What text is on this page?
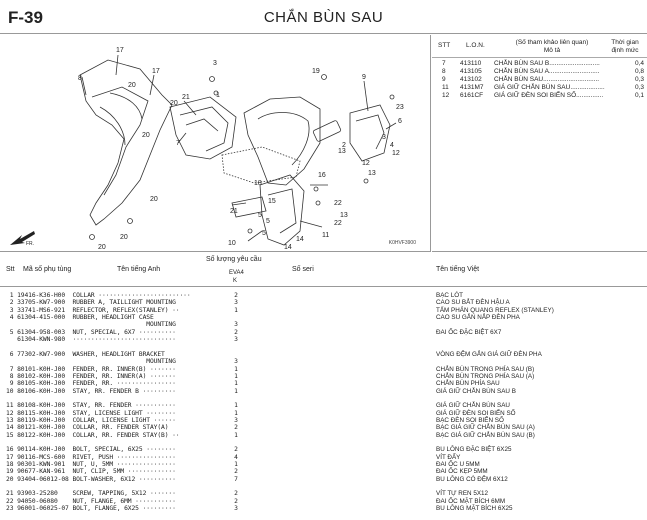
F-39	CHẮN BÙN SAU
FR.
17
8
17
20
20
21
20
3
9
6
7
1
5
13
18
12
16
22
21
22
5
15
10
14
11
19
2	4
23
3
20
20
12
13
20
13
5
14
K0HVF3900
STT L.O.N.	(Số tham khảo liên quan)
Mô tả
Thời gian
định mức
7 413110 CHẮN BÙN SAU B............................	0,4
8 413105 CHẮN BÙN SAU A............................	0,8
9 413102 CHẮN BÙN SAU...............................	0,3
11 4131M7 GIÁ GIỮ CHẮN BÙN SAU...................	0,3
12 6161CF GIÁ GIỮ ĐÈN SOI BIỂN SỐ...............	0,1
Stt Mã số phụ tùng	Tên tiếng Anh
Số lượng yêu cầu
EVA4
K
Số seri	Tên tiếng Việt
1 19416-K36-H00  COLLAR ·························	2	BẠC LÓT
2 33705-KW7-900  RUBBER A, TAILLIGHT MOUNTING	3	CAO SU BẮT ĐÈN HẬU A
3 33741-MS6-921  REFLECTOR, REFLEX(STANLEY) ··	1	TẤM PHẢN QUANG REFLEX (STANLEY)
4 61304-415-000  RUBBER, HEADLIGHT CASE	CAO SU GẮN NẮP ĐÈN PHA
MOUNTING	3
5 61304-958-003  NUT, SPECIAL, 6X7 ··········	2	ĐAI ỐC ĐẶC BIỆT 6X7
61304-KWN-980  ····························	3
6 77302-KW7-900  WASHER, HEADLIGHT BRACKET	VÒNG ĐỆM GẮN GIÁ GIỮ ĐÈN PHA
MOUNTING	3
7 80101-K0H-J00  FENDER, RR. INNER(B) ·······	1	CHẮN BÙN TRONG PHÍA SAU (B)
8 80102-K0H-J00  FENDER, RR. INNER(A) ·······	1	CHẮN BÙN TRONG PHÍA SAU (A)
9 80105-K0H-J00  FENDER, RR. ················	1	CHẮN BÙN PHÍA SAU
10 80106-K0H-J00  STAY, RR. FENDER B ·········	1	GIÁ GIỮ CHẮN BÙN SAU B
11 80108-K0H-J00  STAY, RR. FENDER ···········	1	GIÁ GIỮ CHẮN BÙN SAU
12 80115-K0H-J00  STAY, LICENSE LIGHT ········	1	GIÁ GIỮ ĐÈN SOI BIỂN SỐ
13 80119-K0H-J00  COLLAR, LICENSE LIGHT ······	3	BẠC ĐÈN SOI BIỂN SỐ
14 80121-K0H-J00  COLLAR, RR. FENDER STAY(A)	2	BẠC GIÁ GIỮ CHẮN BÙN SAU (A)
15 80122-K0H-J00  COLLAR, RR. FENDER STAY(B) ··	1	BẠC GIÁ GIỮ CHẮN BÙN SAU (B)
16 90114-K0H-J00  BOLT, SPECIAL, 6X25 ········	2	BU LÔNG ĐẶC BIỆT 6X25
17 90116-MCS-600  RIVET, PUSH ················	4	VÍT ĐẨY
18 90301-KWN-901  NUT, U, 5MM ················	1	ĐAI ỐC U 5MM
19 90677-KAN-961  NUT, CLIP, 5MM ·············	2	ĐAI ỐC KẸP 5MM
20 93404-06012-08 BOLT-WASHER, 6X12 ··········	7	BU LÔNG CÓ ĐỆM 6X12
21 93903-25280    SCREW, TAPPING, 5X12 ·······	2	VÍT TỰ REN 5X12
22 94050-06080    NUT, FLANGE, 6MM ···········	2	ĐAI ỐC MẶT BÍCH 6MM
23 96001-06025-07 BOLT, FLANGE, 6X25 ·········	3	BU LÔNG MẶT BÍCH 6X25
